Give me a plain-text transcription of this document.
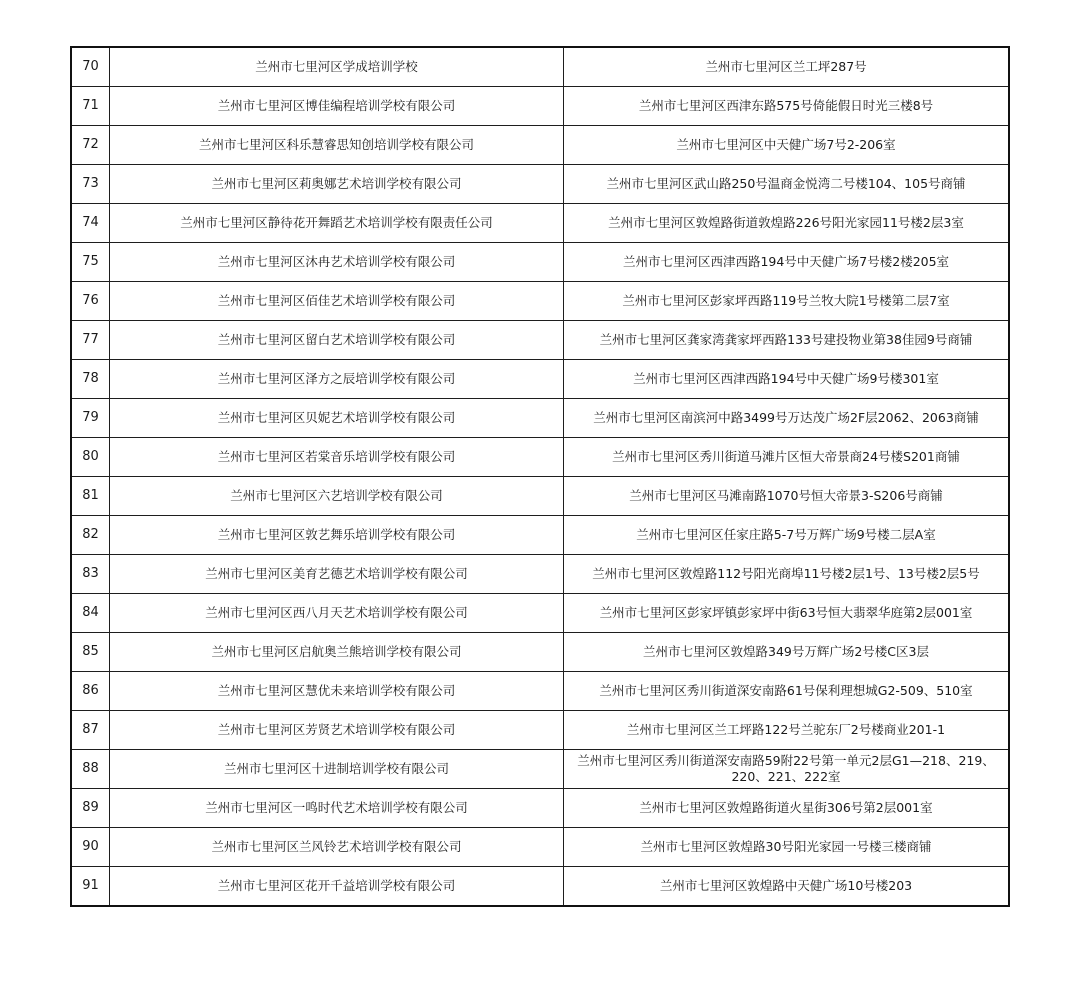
70	兰州市七里河区学成培训学校	兰州市七里河区兰工坪287号
71	兰州市七里河区博佳编程培训学校有限公司	兰州市七里河区西津东路575号倚能假日时光三楼8号
72	兰州市七里河区科乐慧睿思知创培训学校有限公司	兰州市七里河区中天健广场7号2-206室
73	兰州市七里河区莉奥娜艺术培训学校有限公司	兰州市七里河区武山路250号温商金悦湾二号楼104、105号商铺
74	兰州市七里河区静待花开舞蹈艺术培训学校有限责任公司	兰州市七里河区敦煌路街道敦煌路226号阳光家园11号楼2层3室
75	兰州市七里河区沐冉艺术培训学校有限公司	兰州市七里河区西津西路194号中天健广场7号楼2楼205室
76	兰州市七里河区佰佳艺术培训学校有限公司	兰州市七里河区彭家坪西路119号兰牧大院1号楼第二层7室
77	兰州市七里河区留白艺术培训学校有限公司	兰州市七里河区龚家湾龚家坪西路133号建投物业第38佳园9号商铺
78	兰州市七里河区泽方之辰培训学校有限公司	兰州市七里河区西津西路194号中天健广场9号楼301室
79	兰州市七里河区贝妮艺术培训学校有限公司	兰州市七里河区南滨河中路3499号万达茂广场2F层2062、2063商铺
80	兰州市七里河区若棠音乐培训学校有限公司	兰州市七里河区秀川街道马滩片区恒大帝景商24号楼S201商铺
81	兰州市七里河区六艺培训学校有限公司	兰州市七里河区马滩南路1070号恒大帝景3-S206号商铺
82	兰州市七里河区敦艺舞乐培训学校有限公司	兰州市七里河区任家庄路5-7号万辉广场9号楼二层A室
83	兰州市七里河区美育艺德艺术培训学校有限公司	兰州市七里河区敦煌路112号阳光商埠11号楼2层1号、13号楼2层5号
84	兰州市七里河区西八月天艺术培训学校有限公司	兰州市七里河区彭家坪镇彭家坪中街63号恒大翡翠华庭第2层001室
85	兰州市七里河区启航奥兰熊培训学校有限公司	兰州市七里河区敦煌路349号万辉广场2号楼C区3层
86	兰州市七里河区慧优未来培训学校有限公司	兰州市七里河区秀川街道深安南路61号保利理想城G2-509、510室
87	兰州市七里河区芳贤艺术培训学校有限公司	兰州市七里河区兰工坪路122号兰驼东厂2号楼商业201-1
88	兰州市七里河区十进制培训学校有限公司	兰州市七里河区秀川街道深安南路59附22号第一单元2层G1—218、219、220、221、222室
89	兰州市七里河区一鸣时代艺术培训学校有限公司	兰州市七里河区敦煌路街道火星街306号第2层001室
90	兰州市七里河区兰风铃艺术培训学校有限公司	兰州市七里河区敦煌路30号阳光家园一号楼三楼商铺
91	兰州市七里河区花开千益培训学校有限公司	兰州市七里河区敦煌路中天健广场10号楼203
